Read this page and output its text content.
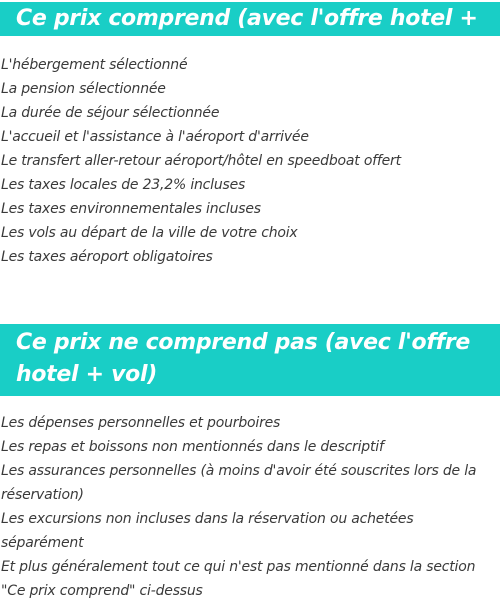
Ce prix comprend (avec l'offre hotel + vol)
L'hébergement sélectionné
La pension sélectionnée
La durée de séjour sélectionnée
L'accueil et l'assistance à l'aéroport d'arrivée
Le transfert aller-retour aéroport/hôtel en speedboat offert
Les taxes locales de 23,2% incluses
Les taxes environnementales incluses
Les vols au départ de la ville de votre choix
Les taxes aéroport obligatoires
Ce prix ne comprend pas (avec l'offre hotel + vol)
Les dépenses personnelles et pourboires
Les repas et boissons non mentionnés dans le descriptif
Les assurances personnelles (à moins d'avoir été souscrites lors de la réservation)
Les excursions non incluses dans la réservation ou achetées séparément
Et plus généralement tout ce qui n'est pas mentionné dans la section "Ce prix comprend" ci-dessus
